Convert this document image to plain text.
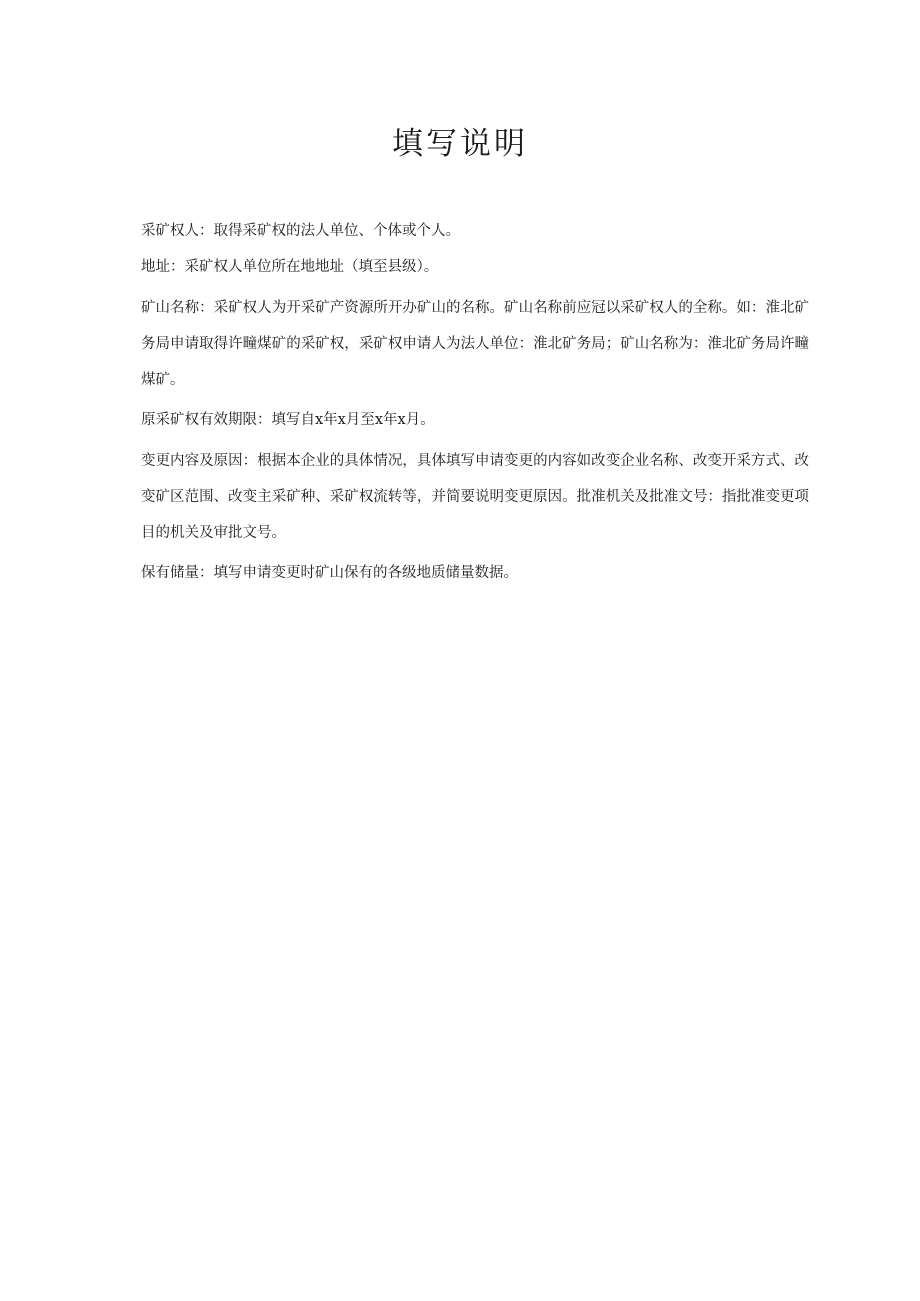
填写说明

采矿权人：取得采矿权的法人单位、个体或个人。

地址：采矿权人单位所在地地址（填至县级）。

矿山名称：采矿权人为开采矿产资源所开办矿山的名称。矿山名称前应冠以采矿权人的全称。如：淮北矿务局申请取得许疃煤矿的采矿权，采矿权申请人为法人单位：淮北矿务局；矿山名称为：淮北矿务局许疃煤矿。

原采矿权有效期限：填写自x年x月至x年x月。

变更内容及原因：根据本企业的具体情况，具体填写申请变更的内容如改变企业名称、改变开采方式、改变矿区范围、改变主采矿种、采矿权流转等，并简要说明变更原因。批准机关及批准文号：指批准变更项目的机关及审批文号。

保有储量：填写申请变更时矿山保有的各级地质储量数据。
